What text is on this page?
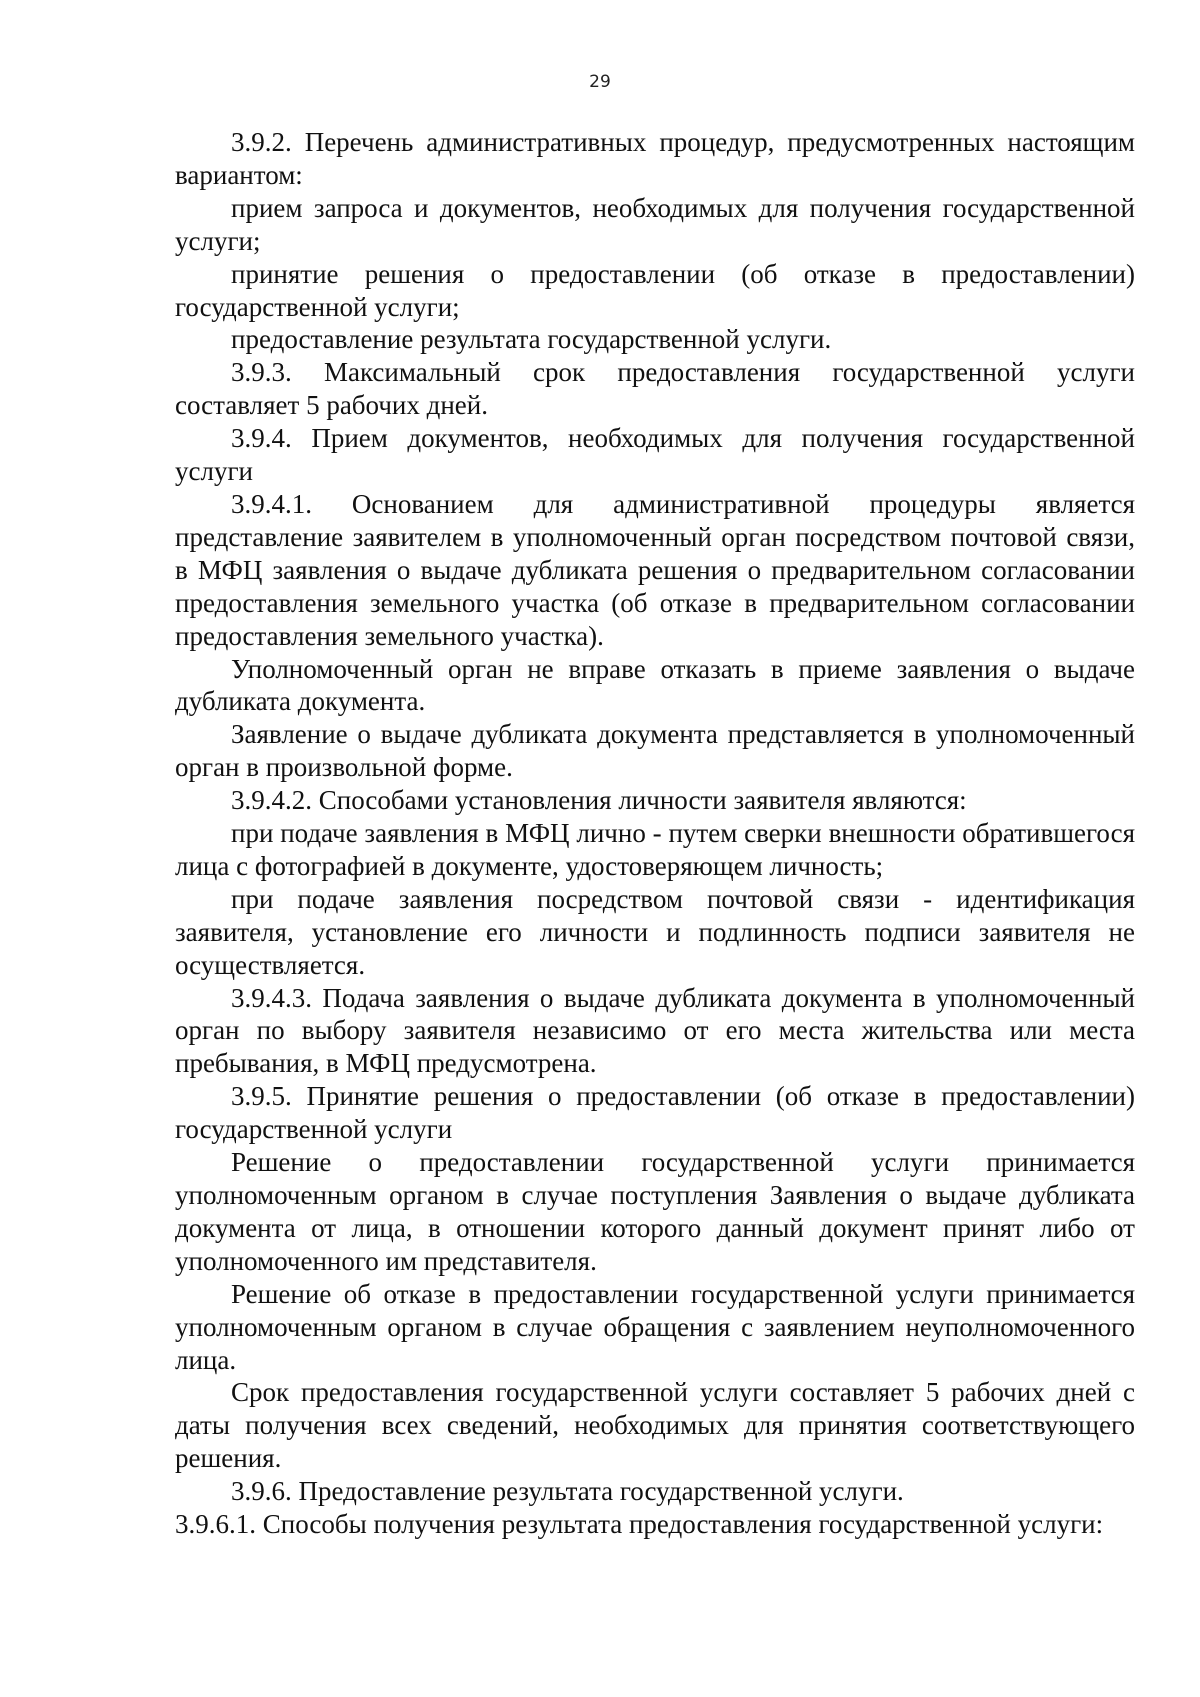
29

3.9.2. Перечень административных процедур, предусмотренных настоящим вариантом:

прием запроса и документов, необходимых для получения государственной услуги;

принятие решения о предоставлении (об отказе в предоставлении) государственной услуги;

предоставление результата государственной услуги.

3.9.3. Максимальный срок предоставления государственной услуги составляет 5 рабочих дней.

3.9.4. Прием документов, необходимых для получения государственной услуги

3.9.4.1. Основанием для административной процедуры является представление заявителем в уполномоченный орган посредством почтовой связи, в МФЦ заявления о выдаче дубликата решения о предварительном согласовании предоставления земельного участка (об отказе в предварительном согласовании предоставления земельного участка).

Уполномоченный орган не вправе отказать в приеме заявления о выдаче дубликата документа.

Заявление о выдаче дубликата документа представляется в уполномоченный орган в произвольной форме.

3.9.4.2. Способами установления личности заявителя являются:

при подаче заявления в МФЦ лично - путем сверки внешности обратившегося лица с фотографией в документе, удостоверяющем личность;

при подаче заявления посредством почтовой связи - идентификация заявителя, установление его личности и подлинность подписи заявителя не осуществляется.

3.9.4.3. Подача заявления о выдаче дубликата документа в уполномоченный орган по выбору заявителя независимо от его места жительства или места пребывания, в МФЦ предусмотрена.

3.9.5. Принятие решения о предоставлении (об отказе в предоставлении) государственной услуги

Решение о предоставлении государственной услуги принимается уполномоченным органом в случае поступления Заявления о выдаче дубликата документа от лица, в отношении которого данный документ принят либо от уполномоченного им представителя.

Решение об отказе в предоставлении государственной услуги принимается уполномоченным органом в случае обращения с заявлением неуполномоченного лица.

Срок предоставления государственной услуги составляет 5 рабочих дней с даты получения всех сведений, необходимых для принятия соответствующего решения.

3.9.6. Предоставление результата государственной услуги.

3.9.6.1. Способы получения результата предоставления государственной услуги:
